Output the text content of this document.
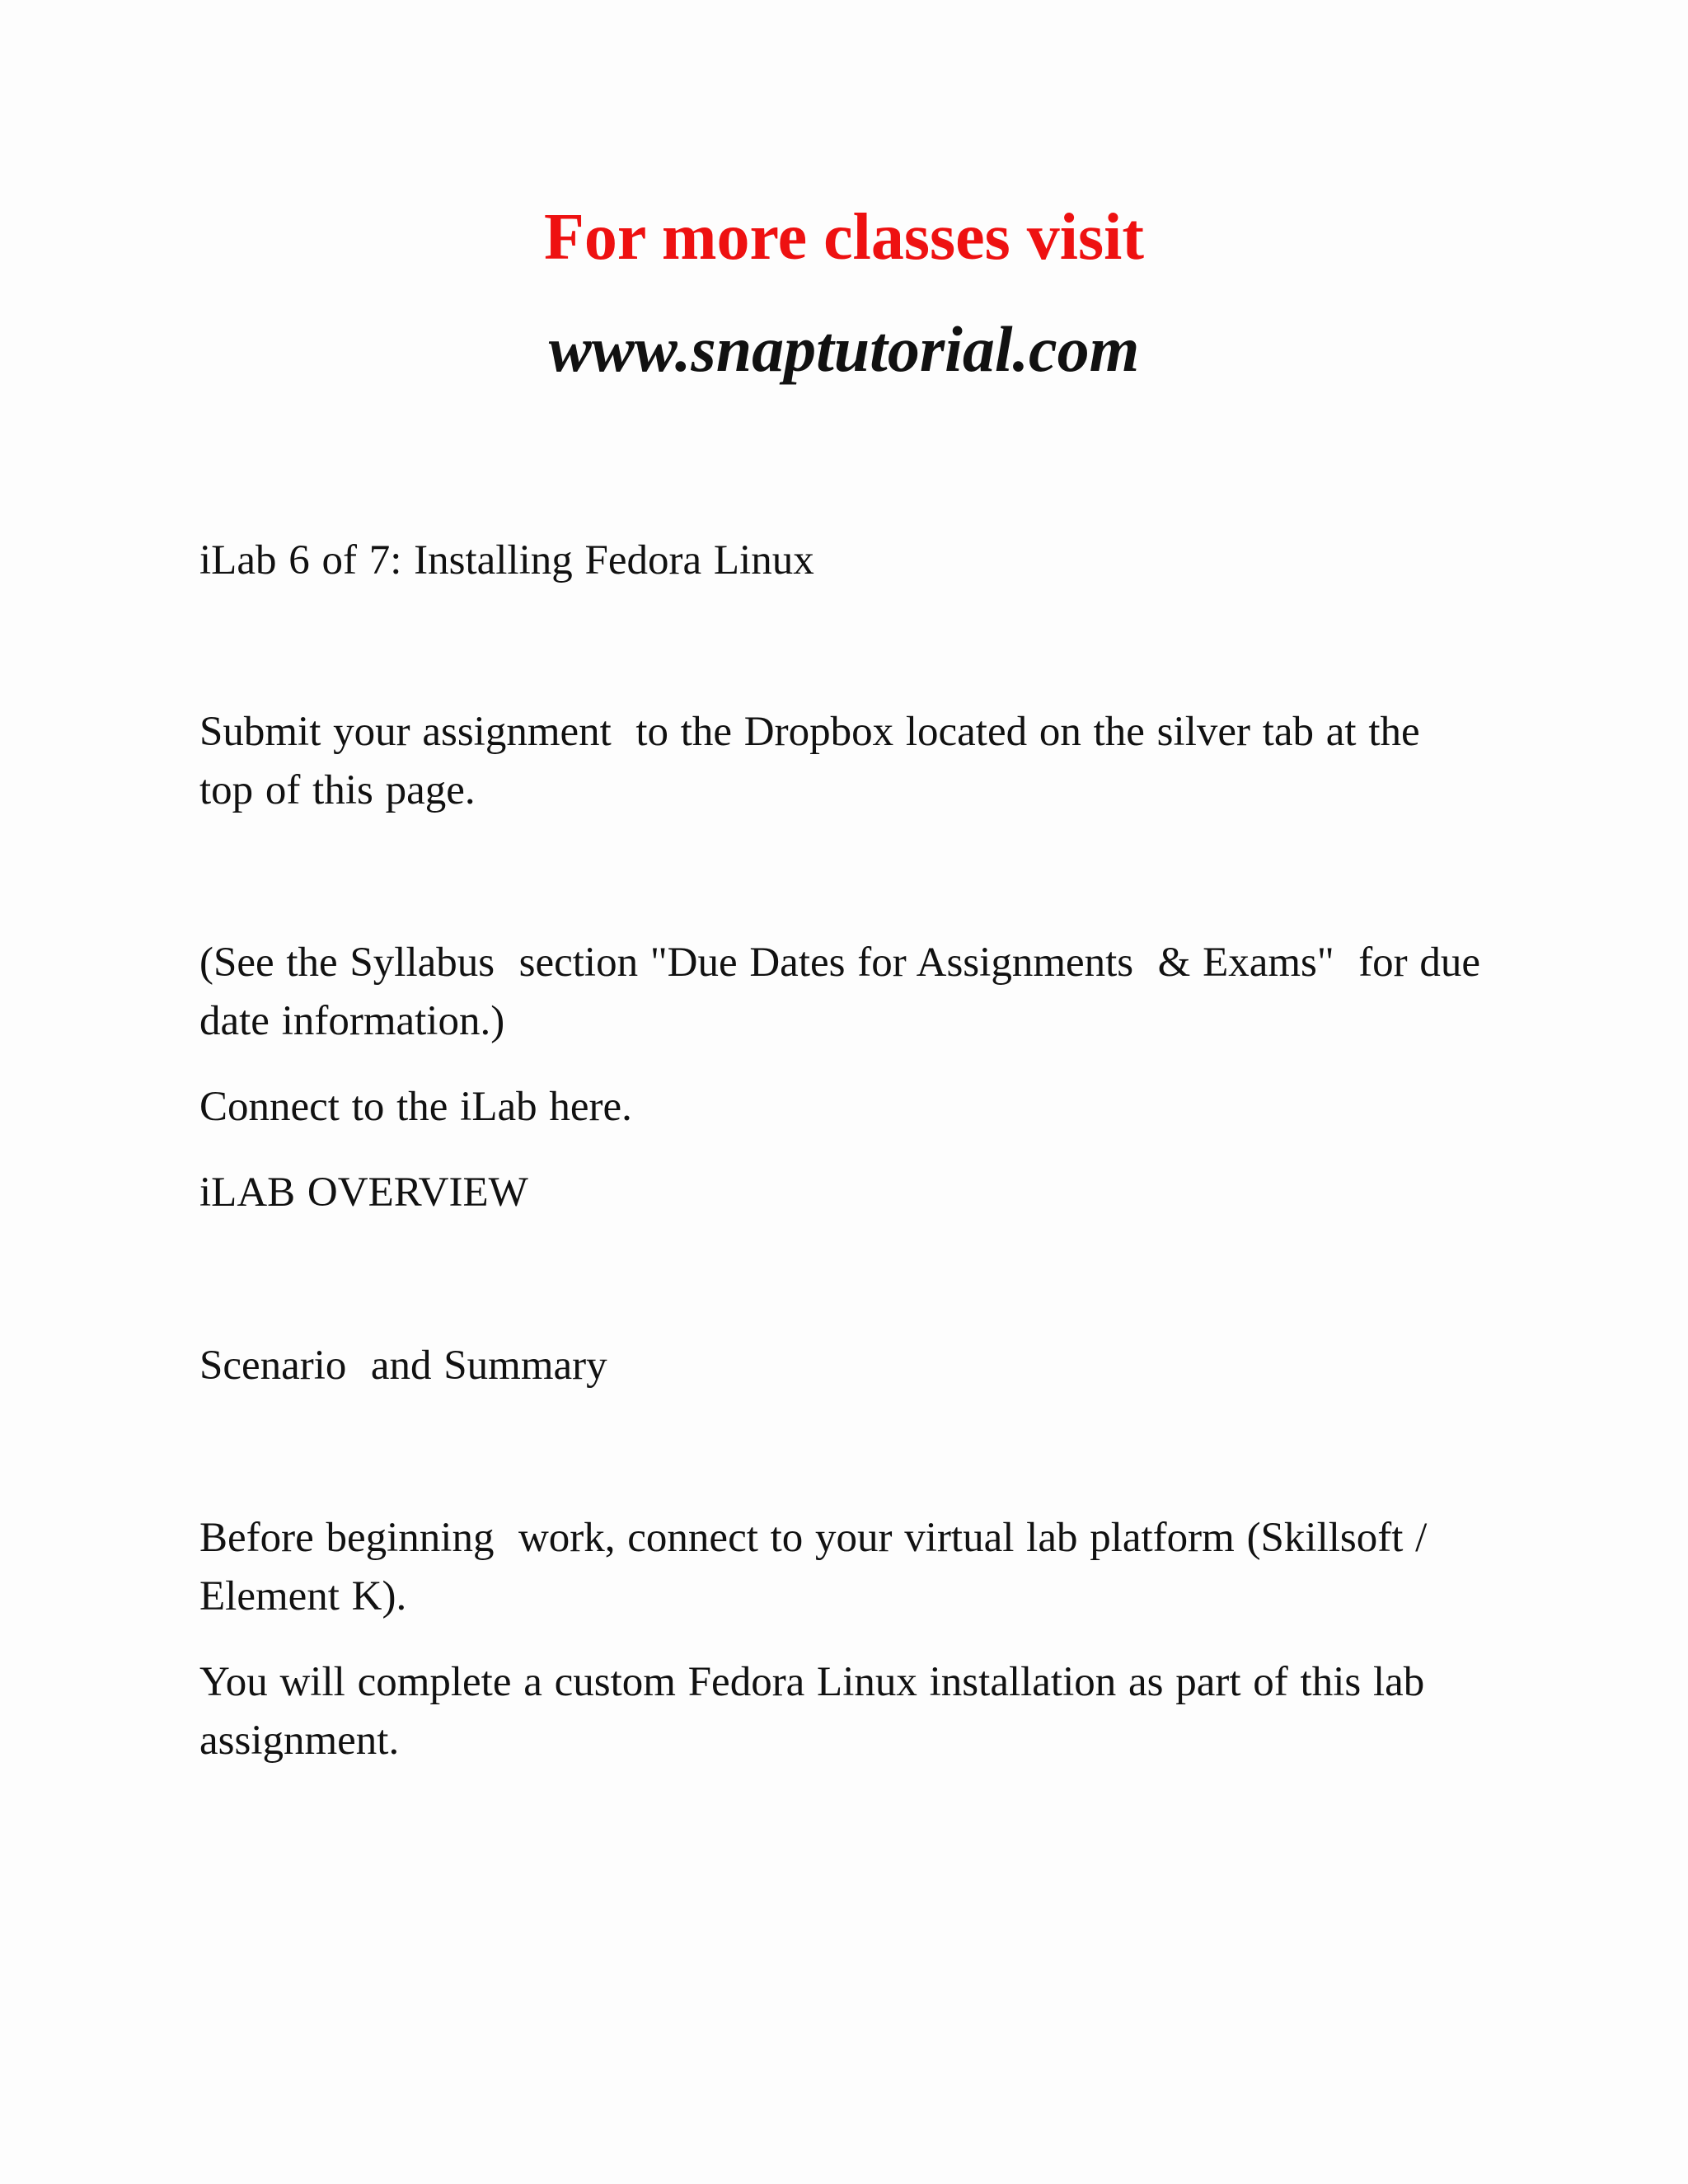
For more classes visit
www.snaptutorial.com
iLab 6 of 7: Installing Fedora Linux
Submit your assignment  to the Dropbox located on the silver tab at the
top of this page.
(See the Syllabus  section "Due Dates for Assignments  & Exams"  for due
date information.)
Connect to the iLab here.
iLAB OVERVIEW
Scenario  and Summary
Before beginning  work, connect to your virtual lab platform (Skillsoft /
Element K).
You will complete a custom Fedora Linux installation as part of this lab
assignment.
